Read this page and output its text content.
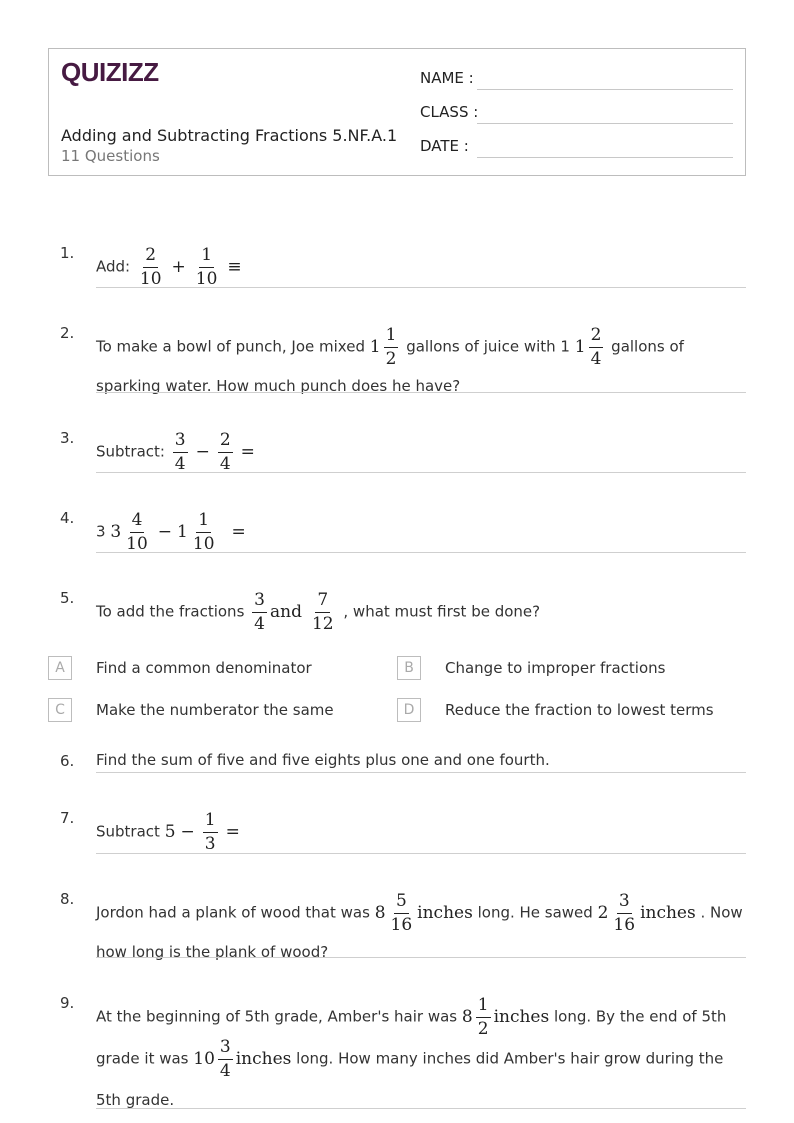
QUIZIZZ
Adding and Subtracting Fractions 5.NF.A.1
11 Questions
NAME :
CLASS :
DATE :
1.
Add: $\frac{2}{10} + \frac{1}{10}$ ≡
2.
To make a bowl of punch, Joe mixed $1 \frac{1}{2}$ gallons of juice with 1 $1 \frac{2}{4}$ gallons of sparking water. How much punch does he have?
3.
Subtract: $\frac{3}{4} - \frac{2}{4}$ =
4.
3 $3 \frac{4}{10} - 1 \frac{1}{10}$ =
5.
To add the fractions $\frac{3}{4}$ and $\frac{7}{12}$ , what must first be done?
A	Find a common denominator	B	Change to improper fractions
C	Make the numberator the same	D	Reduce the fraction to lowest terms
6. Find the sum of five and five eights plus one and one fourth.
7.
Subtract $5 - \frac{1}{3}$ =
8.
Jordon had a plank of wood that was $8 \frac{5}{16}$ inches long. He sawed $2 \frac{3}{16}$ inches . Now how long is the plank of wood?
9.
At the beginning of 5th grade, Amber's hair was $8 \frac{1}{2}$ inches long. By the end of 5th grade it was $10 \frac{3}{4}$ inches long. How many inches did Amber's hair grow during the 5th grade.
